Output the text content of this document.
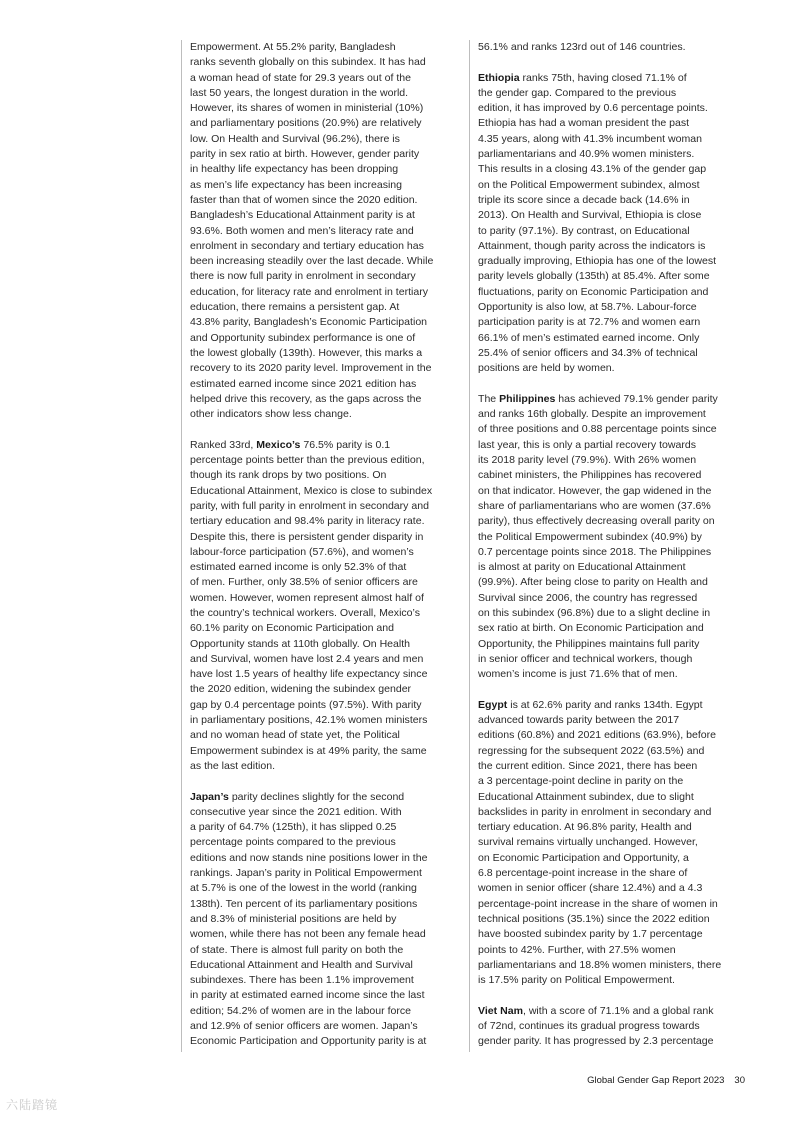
Empowerment. At 55.2% parity, Bangladesh
ranks seventh globally on this subindex. It has had
a woman head of state for 29.3 years out of the
last 50 years, the longest duration in the world.
However, its shares of women in ministerial (10%)
and parliamentary positions (20.9%) are relatively
low. On Health and Survival (96.2%), there is
parity in sex ratio at birth. However, gender parity
in healthy life expectancy has been dropping
as men’s life expectancy has been increasing
faster than that of women since the 2020 edition.
Bangladesh’s Educational Attainment parity is at
93.6%. Both women and men’s literacy rate and
enrolment in secondary and tertiary education has
been increasing steadily over the last decade. While
there is now full parity in enrolment in secondary
education, for literacy rate and enrolment in tertiary
education, there remains a persistent gap. At
43.8% parity, Bangladesh’s Economic Participation
and Opportunity subindex performance is one of
the lowest globally (139th). However, this marks a
recovery to its 2020 parity level. Improvement in the
estimated earned income since 2021 edition has
helped drive this recovery, as the gaps across the
other indicators show less change.

Ranked 33rd, Mexico’s 76.5% parity is 0.1
percentage points better than the previous edition,
though its rank drops by two positions. On
Educational Attainment, Mexico is close to subindex
parity, with full parity in enrolment in secondary and
tertiary education and 98.4% parity in literacy rate.
Despite this, there is persistent gender disparity in
labour-force participation (57.6%), and women’s
estimated earned income is only 52.3% of that
of men. Further, only 38.5% of senior officers are
women. However, women represent almost half of
the country’s technical workers. Overall, Mexico’s
60.1% parity on Economic Participation and
Opportunity stands at 110th globally. On Health
and Survival, women have lost 2.4 years and men
have lost 1.5 years of healthy life expectancy since
the 2020 edition, widening the subindex gender
gap by 0.4 percentage points (97.5%). With parity
in parliamentary positions, 42.1% women ministers
and no woman head of state yet, the Political
Empowerment subindex is at 49% parity, the same
as the last edition.

Japan’s parity declines slightly for the second
consecutive year since the 2021 edition. With
a parity of 64.7% (125th), it has slipped 0.25
percentage points compared to the previous
editions and now stands nine positions lower in the
rankings. Japan’s parity in Political Empowerment
at 5.7% is one of the lowest in the world (ranking
138th). Ten percent of its parliamentary positions
and 8.3% of ministerial positions are held by
women, while there has not been any female head
of state. There is almost full parity on both the
Educational Attainment and Health and Survival
subindexes. There has been 1.1% improvement
in parity at estimated earned income since the last
edition; 54.2% of women are in the labour force
and 12.9% of senior officers are women. Japan’s
Economic Participation and Opportunity parity is at

56.1% and ranks 123rd out of 146 countries.

Ethiopia ranks 75th, having closed 71.1% of
the gender gap. Compared to the previous
edition, it has improved by 0.6 percentage points.
Ethiopia has had a woman president the past
4.35 years, along with 41.3% incumbent woman
parliamentarians and 40.9% women ministers.
This results in a closing 43.1% of the gender gap
on the Political Empowerment subindex, almost
triple its score since a decade back (14.6% in
2013). On Health and Survival, Ethiopia is close
to parity (97.1%). By contrast, on Educational
Attainment, though parity across the indicators is
gradually improving, Ethiopia has one of the lowest
parity levels globally (135th) at 85.4%. After some
fluctuations, parity on Economic Participation and
Opportunity is also low, at 58.7%. Labour-force
participation parity is at 72.7% and women earn
66.1% of men’s estimated earned income. Only
25.4% of senior officers and 34.3% of technical
positions are held by women.

The Philippines has achieved 79.1% gender parity
and ranks 16th globally. Despite an improvement
of three positions and 0.88 percentage points since
last year, this is only a partial recovery towards
its 2018 parity level (79.9%). With 26% women
cabinet ministers, the Philippines has recovered
on that indicator. However, the gap widened in the
share of parliamentarians who are women (37.6%
parity), thus effectively decreasing overall parity on
the Political Empowerment subindex (40.9%) by
0.7 percentage points since 2018. The Philippines
is almost at parity on Educational Attainment
(99.9%). After being close to parity on Health and
Survival since 2006, the country has regressed
on this subindex (96.8%) due to a slight decline in
sex ratio at birth. On Economic Participation and
Opportunity, the Philippines maintains full parity
in senior officer and technical workers, though
women’s income is just 71.6% that of men.

Egypt is at 62.6% parity and ranks 134th. Egypt
advanced towards parity between the 2017
editions (60.8%) and 2021 editions (63.9%), before
regressing for the subsequent 2022 (63.5%) and
the current edition. Since 2021, there has been
a 3 percentage-point decline in parity on the
Educational Attainment subindex, due to slight
backslides in parity in enrolment in secondary and
tertiary education. At 96.8% parity, Health and
survival remains virtually unchanged. However,
on Economic Participation and Opportunity, a
6.8 percentage-point increase in the share of
women in senior officer (share 12.4%) and a 4.3
percentage-point increase in the share of women in
technical positions (35.1%) since the 2022 edition
have boosted subindex parity by 1.7 percentage
points to 42%. Further, with 27.5% women
parliamentarians and 18.8% women ministers, there
is 17.5% parity on Political Empowerment.

Viet Nam, with a score of 71.1% and a global rank
of 72nd, continues its gradual progress towards
gender parity. It has progressed by 2.3 percentage

Global Gender Gap Report 2023 30
六陆踏镜
